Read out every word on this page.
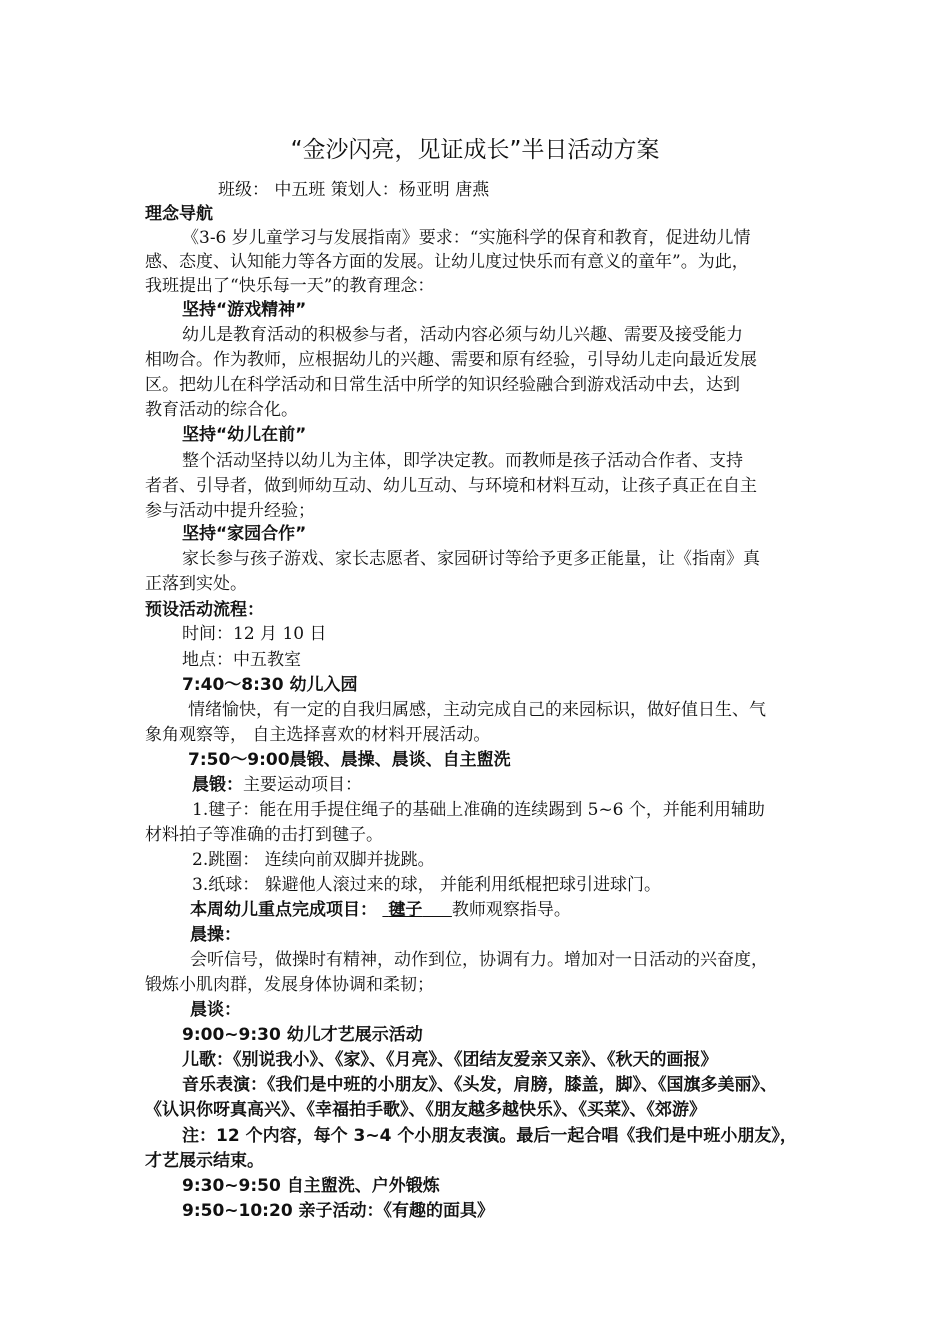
“金沙闪亮，见证成长”半日活动方案
班级： 中五班 策划人：杨亚明 唐燕
理念导航
《3-6 岁儿童学习与发展指南》要求：“实施科学的保育和教育，促进幼儿情
感、态度、认知能力等各方面的发展。让幼儿度过快乐而有意义的童年”。为此，
我班提出了“快乐每一天”的教育理念：
坚持“游戏精神”
幼儿是教育活动的积极参与者，活动内容必须与幼儿兴趣、需要及接受能力
相吻合。作为教师，应根据幼儿的兴趣、需要和原有经验，引导幼儿走向最近发展
区。把幼儿在科学活动和日常生活中所学的知识经验融合到游戏活动中去，达到
教育活动的综合化。
坚持“幼儿在前”
整个活动坚持以幼儿为主体，即学决定教。而教师是孩子活动合作者、支持
者者、引导者，做到师幼互动、幼儿互动、与环境和材料互动，让孩子真正在自主
参与活动中提升经验；
坚持“家园合作”
家长参与孩子游戏、家长志愿者、家园研讨等给予更多正能量，让《指南》真
正落到实处。
预设活动流程：
时间：12 月 10 日
地点：中五教室
7:40～8:30 幼儿入园
情绪愉快，有一定的自我归属感，主动完成自己的来园标识，做好值日生、气
象角观察等， 自主选择喜欢的材料开展活动。
7:50～9:00晨锻、晨操、晨谈、自主盥洗
晨锻：主要运动项目：
1.毽子：能在用手提住绳子的基础上准确的连续踢到 5~6 个，并能利用辅助
材料拍子等准确的击打到毽子。
2.跳圈： 连续向前双脚并拢跳。
3.纸球： 躲避他人滚过来的球， 并能利用纸棍把球引进球门。
本周幼儿重点完成项目： 毽子 教师观察指导。
晨操：
会听信号，做操时有精神，动作到位，协调有力。增加对一日活动的兴奋度，
锻炼小肌肉群，发展身体协调和柔韧；
晨谈：
9:00~9:30 幼儿才艺展示活动
儿歌：《别说我小》、《家》、《月亮》、《团结友爱亲又亲》、《秋天的画报》
音乐表演：《我们是中班的小朋友》、《头发，肩膀，膝盖，脚》、《国旗多美丽》、
《认识你呀真高兴》、《幸福拍手歌》、《朋友越多越快乐》、《买菜》、《郊游》
注：12 个内容，每个 3~4 个小朋友表演。最后一起合唱《我们是中班小朋友》，
才艺展示结束。
9:30~9:50 自主盥洗、户外锻炼
9:50~10:20 亲子活动：《有趣的面具》
